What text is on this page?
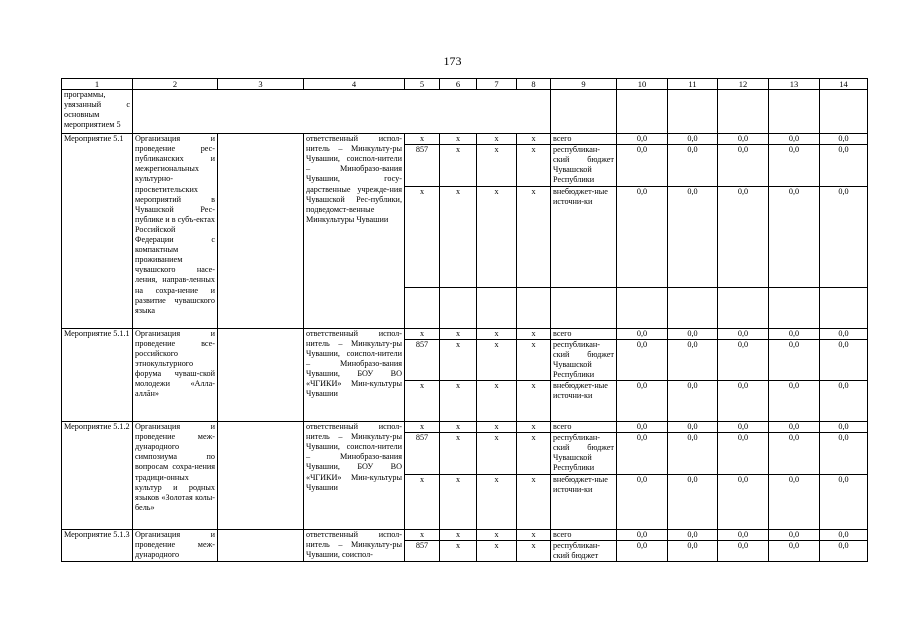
173
1	2	3	4	5	6	7	8	9	10	11	12	13	14
программы, увязанный с основным мероприятием 5													
Мероприятие 5.1	Организация и проведение рес-публиканских и межрегиональных культурно-просветительских мероприятий в Чувашской Рес-публике и в субъ-ектах Российской Федерации с компактным проживанием чувашского насе-ления, направ-ленных на сохра-нение и развитие чувашского языка		ответственный испол-нитель – Минкульту-ры Чувашии, соиспол-нители – Минобразо-вания Чувашии, госу-дарственные учрежде-ния Чувашской Рес-публики, подведомст-венные Минкультуры Чувашии	x	x	x	x	всего	0,0	0,0	0,0	0,0	0,0
				857	x	x	x	республикан-ский бюджет Чувашской Республики	0,0	0,0	0,0	0,0	0,0
				x	x	x	x	внебюджет-ные источни-ки	0,0	0,0	0,0	0,0	0,0

Мероприятие 5.1.1	Организация и проведение все-российского этнокультурного форума чуваш-ской молодежи «Алла-аллăн»		ответственный испол-нитель – Минкульту-ры Чувашии, соиспол-нители – Минобразо-вания Чувашии, БОУ ВО «ЧГИКИ» Мин-культуры Чувашии	x	x	x	x	всего	0,0	0,0	0,0	0,0	0,0
				857	x	x	x	республикан-ский бюджет Чувашской Республики	0,0	0,0	0,0	0,0	0,0
				x	x	x	x	внебюджет-ные источни-ки	0,0	0,0	0,0	0,0	0,0
Мероприятие 5.1.2	Организация и проведение меж-дународного симпозиума по вопросам сохра-нения традици-онных культур и родных языков «Золотая колы-бель»		ответственный испол-нитель – Минкульту-ры Чувашии, соиспол-нители – Минобразо-вания Чувашии, БОУ ВО «ЧГИКИ» Мин-культуры Чувашии	x	x	x	x	всего	0,0	0,0	0,0	0,0	0,0
				857	x	x	x	республикан-ский бюджет Чувашской Республики	0,0	0,0	0,0	0,0	0,0
				x	x	x	x	внебюджет-ные источни-ки	0,0	0,0	0,0	0,0	0,0
Мероприятие 5.1.3	Организация и проведение меж-дународного		ответственный испол-нитель – Минкульту-ры Чувашии, соиспол-	x	x	x	x	всего	0,0	0,0	0,0	0,0	0,0
				857	x	x	x	республикан-ский бюджет	0,0	0,0	0,0	0,0	0,0
